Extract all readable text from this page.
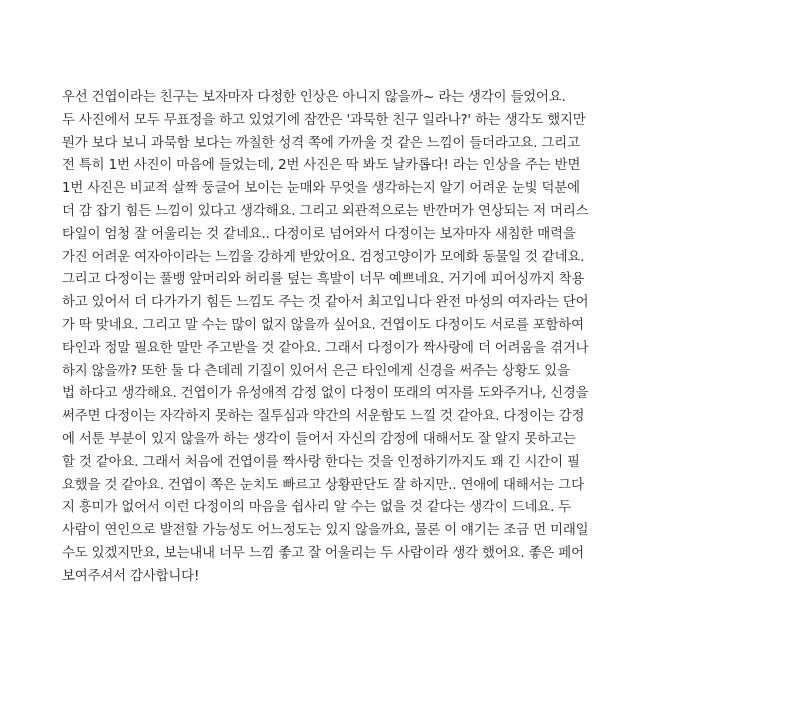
우선 건엽이라는 친구는 보자마자 다정한 인상은 아니지 않을까~ 라는 생각이 들었어요.
두 사진에서 모두 무표정을 하고 있었기에 잠깐은 '과묵한 친구 일라나?' 하는 생각도 했지만
뭔가 보다 보니 과묵함 보다는 까칠한 성격 쪽에 가까울 것 같은 느낌이 들더라고요. 그리고
전 특히 1번 사진이 마음에 들었는데, 2번 사진은 딱 봐도 날카롭다! 라는 인상을 주는 반면
1번 사진은 비교적 살짝 둥글어 보이는 눈매와 무엇을 생각하는지 알기 어려운 눈빛 덕분에
더 감 잡기 힘든 느낌이 있다고 생각해요. 그리고 외관적으로는 반깐머가 연상되는 저 머리스
타일이 엄청 잘 어울리는 것 같네요.. 다정이로 넘어와서 다정이는 보자마자 새침한 매력을
가진 어려운 여자아이라는 느낌을 강하게 받았어요. 검정고양이가 모에화 동물일 것 같네요.
그리고 다정이는 풀뱅 앞머리와 허리를 덮는 흑발이 너무 예쁘네요. 거기에 피어싱까지 착용
하고 있어서 더 다가가기 힘든 느낌도 주는 것 같아서 최고입니다 완전 마성의 여자라는 단어
가 딱 맞네요. 그리고 말 수는 많이 없지 않을까 싶어요. 건엽이도 다정이도 서로를 포함하여
타인과 정말 필요한 말만 주고받을 것 같아요. 그래서 다정이가 짝사랑에 더 어려움을 겪거나
하지 않을까? 또한 둘 다 츤데레 기질이 있어서 은근 타인에게 신경을 써주는 상황도 있을
법 하다고 생각해요. 건엽이가 유성애적 감정 없이 다정이 또래의 여자를 도와주거나, 신경을
써주면 다정이는 자각하지 못하는 질투심과 약간의 서운함도 느낄 것 같아요. 다정이는 감정
에 서툰 부분이 있지 않을까 하는 생각이 들어서 자신의 감정에 대해서도 잘 알지 못하고는
할 것 같아요. 그래서 처음에 건엽이를 짝사랑 한다는 것을 인정하기까지도 꽤 긴 시간이 필
요했을 것 같아요. 건엽이 쪽은 눈치도 빠르고 상황판단도 잘 하지만.. 연애에 대해서는 그다
지 흥미가 없어서 이런 다정이의 마음을 쉽사리 알 수는 없을 것 같다는 생각이 드네요. 두
사람이 연인으로 발전할 가능성도 어느정도는 있지 않을까요, 물론 이 얘기는 조금 먼 미래일
수도 있겠지만요, 보는내내 너무 느낌 좋고 잘 어울리는 두 사람이라 생각 했어요. 좋은 페어
보여주셔서 감사합니다!
